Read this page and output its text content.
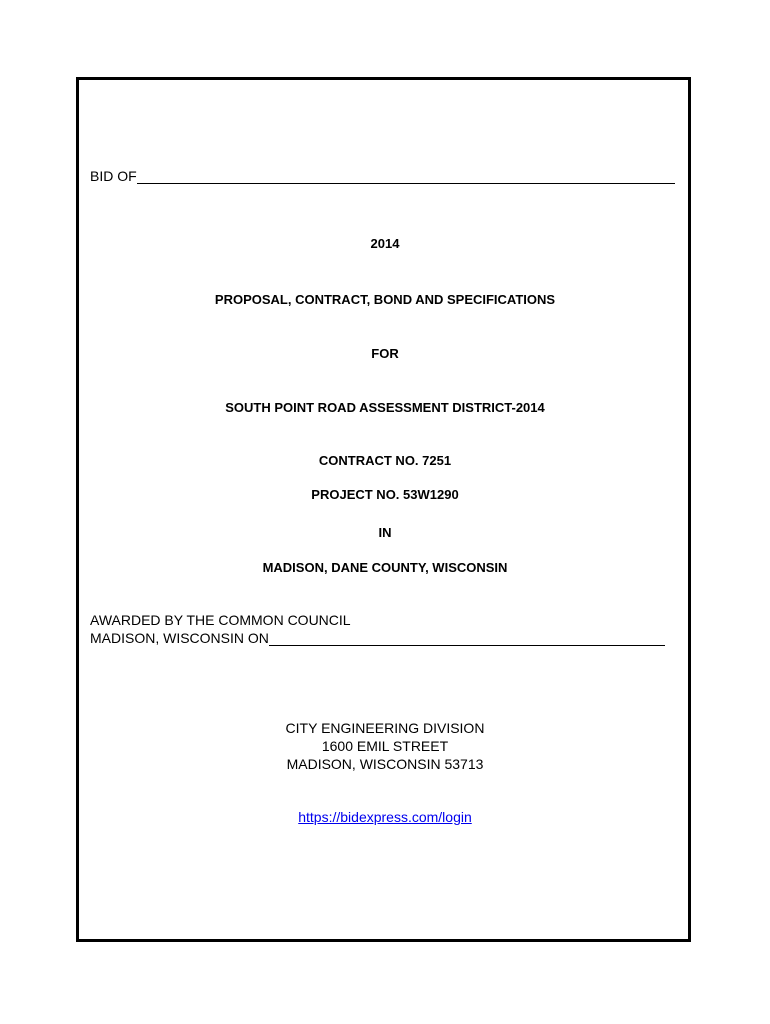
BID OF
2014
PROPOSAL, CONTRACT, BOND AND SPECIFICATIONS
FOR
SOUTH POINT ROAD ASSESSMENT DISTRICT-2014
CONTRACT NO. 7251
PROJECT NO. 53W1290
IN
MADISON, DANE COUNTY, WISCONSIN
AWARDED BY THE COMMON COUNCIL
MADISON, WISCONSIN ON
CITY ENGINEERING DIVISION
1600 EMIL STREET
MADISON, WISCONSIN 53713
https://bidexpress.com/login
